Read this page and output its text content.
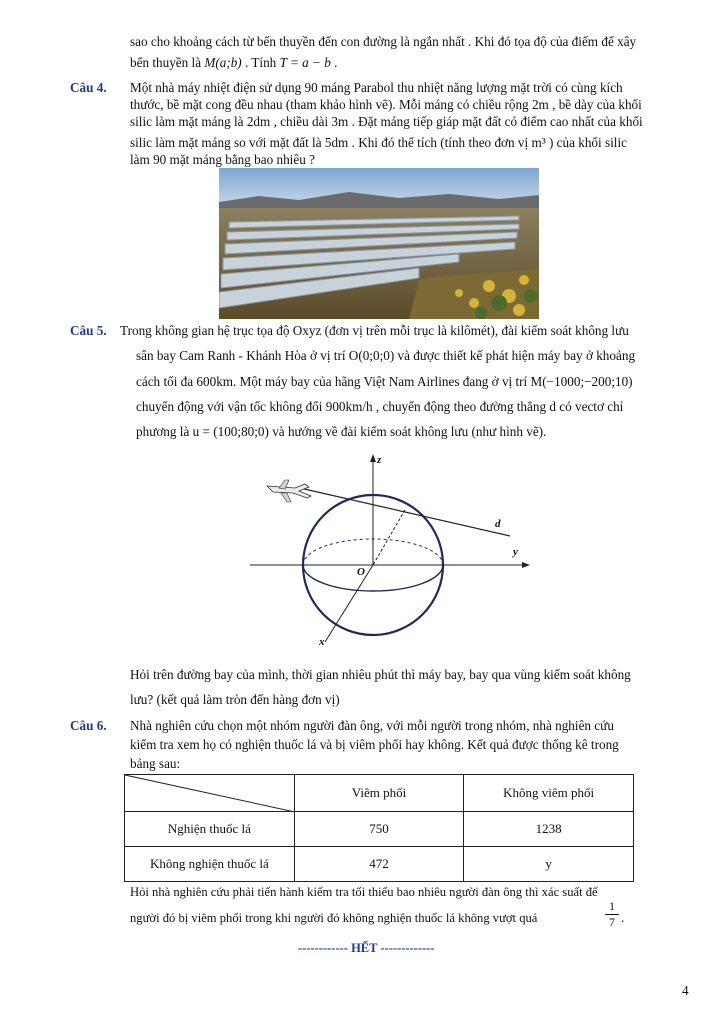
sao cho khoảng cách từ bến thuyền đến con đường là ngắn nhất . Khi đó tọa độ của điểm để xây
bến thuyền là M(a;b) . Tính T = a − b .
Câu 4. Một nhà máy nhiệt điện sử dụng 90 máng Parabol thu nhiệt năng lượng mặt trời có cùng kích
thước, bề mặt cong đều nhau (tham khảo hình vẽ). Mỗi máng có chiều rộng 2m , bề dày của khối
silic làm mặt máng là 2dm , chiều dài 3m . Đặt máng tiếp giáp mặt đất có điểm cao nhất của khối
silic làm mặt máng so với mặt đất là 5dm . Khi đó thể tích (tính theo đơn vị m³ ) của khối silic
làm 90 mặt máng bằng bao nhiêu ?
Câu 5. Trong không gian hệ trục tọa độ Oxyz (đơn vị trên mỗi trục là kilômét), đài kiểm soát không lưu
sân bay Cam Ranh - Khánh Hòa ở vị trí O(0;0;0) và được thiết kế phát hiện máy bay ở khoảng
cách tối đa 600km. Một máy bay của hãng Việt Nam Airlines đang ở vị trí M(−1000;−200;10)
chuyển động với vận tốc không đổi 900km/h , chuyển động theo đường thẳng d có vectơ chỉ
phương là u = (100;80;0) và hướng về đài kiểm soát không lưu (như hình vẽ).
z
y
x
O
d
Hỏi trên đường bay của mình, thời gian nhiêu phút thì máy bay, bay qua vùng kiểm soát không
lưu? (kết quả làm tròn đến hàng đơn vị)
Câu 6. Nhà nghiên cứu chọn một nhóm người đàn ông, với mỗi người trong nhóm, nhà nghiên cứu
kiểm tra xem họ có nghiện thuốc lá và bị viêm phổi hay không. Kết quả được thống kê trong
bảng sau:
	Viêm phổi	Không viêm phổi
Nghiện thuốc lá	750	1238
Không nghiện thuốc lá	472	y
Hỏi nhà nghiên cứu phải tiến hành kiểm tra tối thiểu bao nhiêu người đàn ông thì xác suất để
người đó bị viêm phổi trong khi người đó không nghiện thuốc lá không vượt quá
1
7 .
------------ HẾT -------------
4
